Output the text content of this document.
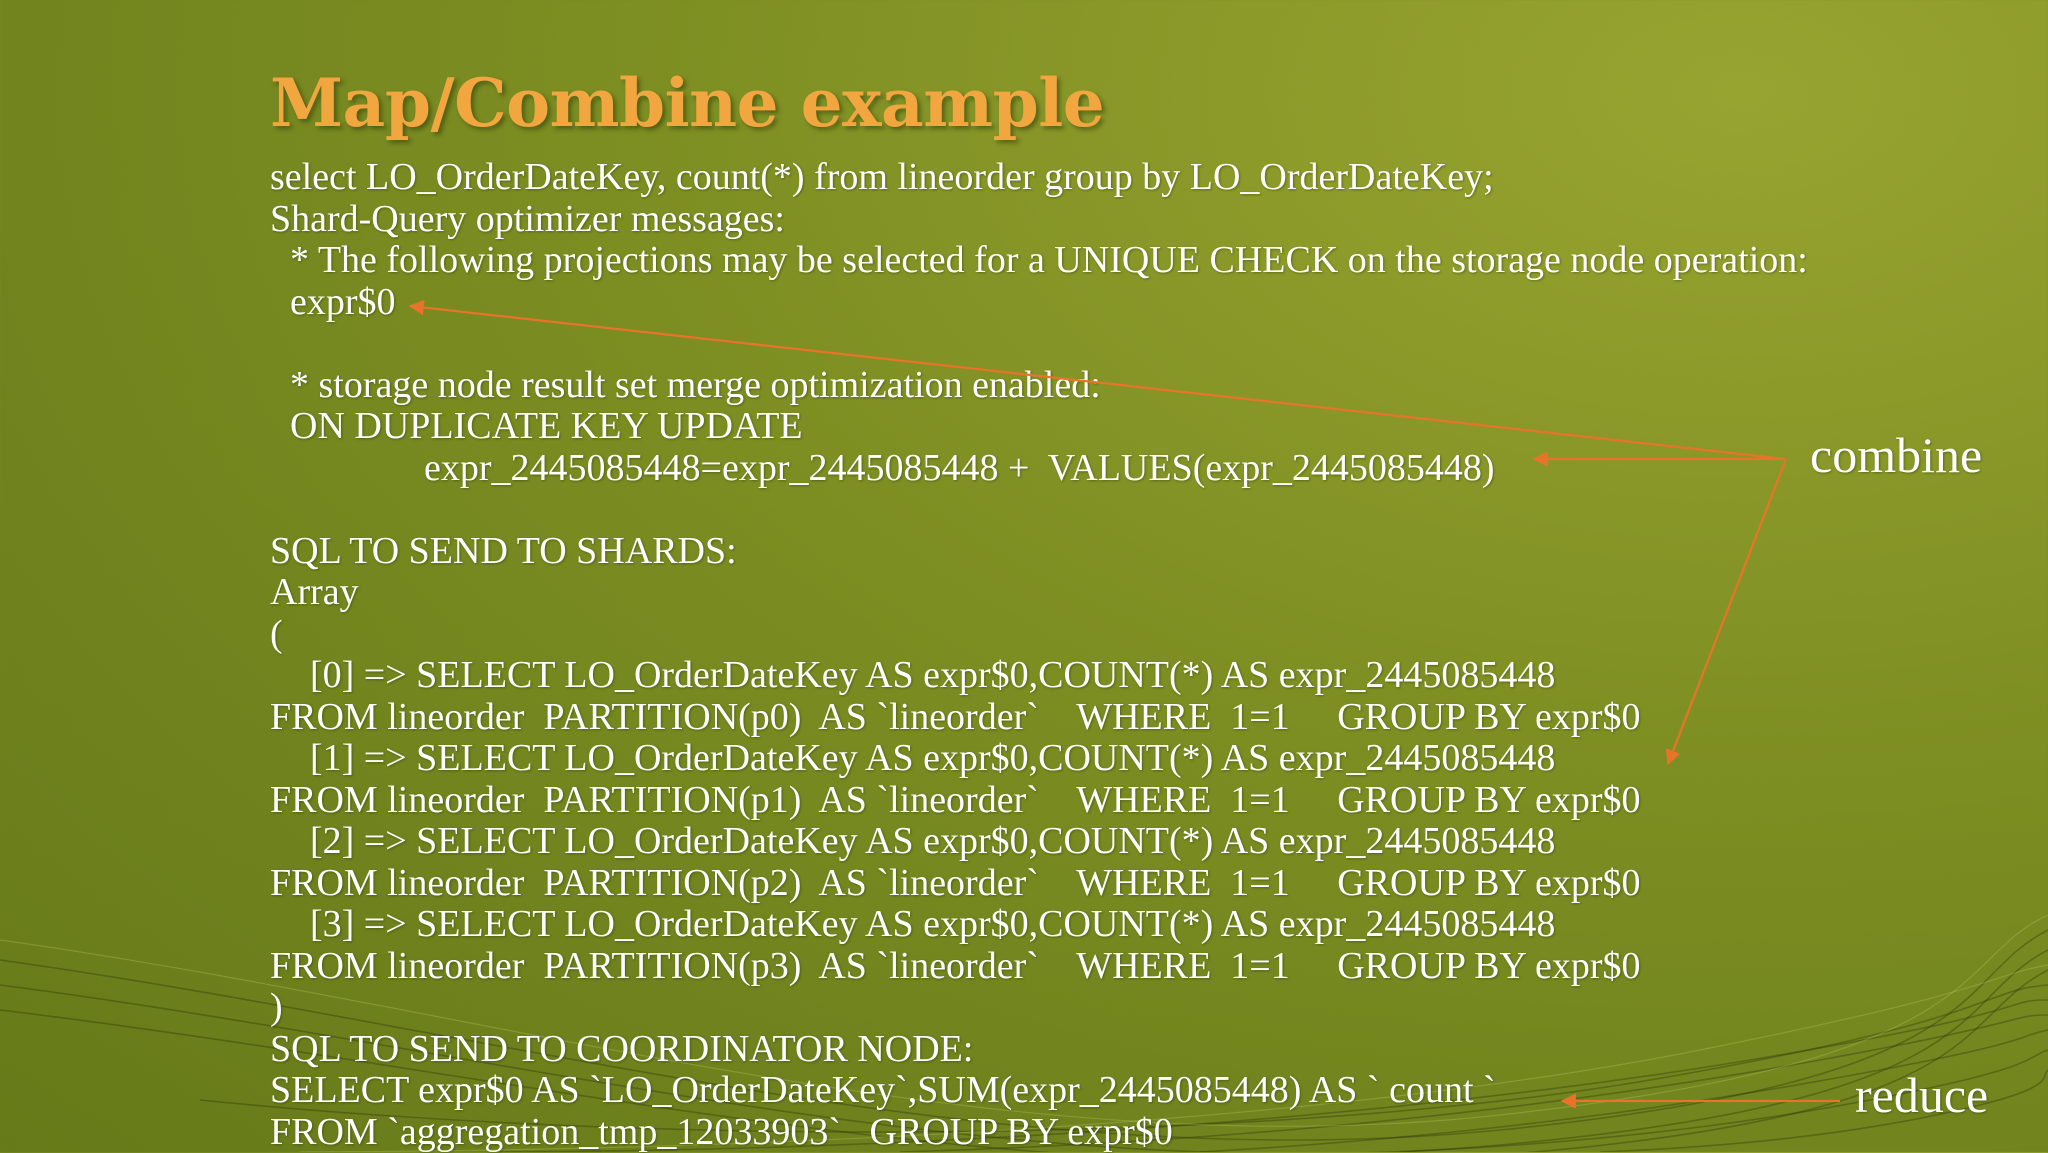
Map/Combine example
select LO_OrderDateKey, count(*) from lineorder group by LO_OrderDateKey;
Shard-Query optimizer messages:
* The following projections may be selected for a UNIQUE CHECK on the storage node operation:
expr$0
* storage node result set merge optimization enabled:
ON DUPLICATE KEY UPDATE
expr_2445085448=expr_2445085448 +  VALUES(expr_2445085448)
SQL TO SEND TO SHARDS:
Array
(
[0] => SELECT LO_OrderDateKey AS expr$0,COUNT(*) AS expr_2445085448
FROM lineorder  PARTITION(p0)  AS `lineorder`    WHERE  1=1     GROUP BY expr$0
[1] => SELECT LO_OrderDateKey AS expr$0,COUNT(*) AS expr_2445085448
FROM lineorder  PARTITION(p1)  AS `lineorder`    WHERE  1=1     GROUP BY expr$0
[2] => SELECT LO_OrderDateKey AS expr$0,COUNT(*) AS expr_2445085448
FROM lineorder  PARTITION(p2)  AS `lineorder`    WHERE  1=1     GROUP BY expr$0
[3] => SELECT LO_OrderDateKey AS expr$0,COUNT(*) AS expr_2445085448
FROM lineorder  PARTITION(p3)  AS `lineorder`    WHERE  1=1     GROUP BY expr$0
)
SQL TO SEND TO COORDINATOR NODE:
SELECT expr$0 AS `LO_OrderDateKey`,SUM(expr_2445085448) AS ` count `
FROM `aggregation_tmp_12033903`   GROUP BY expr$0
combine
reduce
